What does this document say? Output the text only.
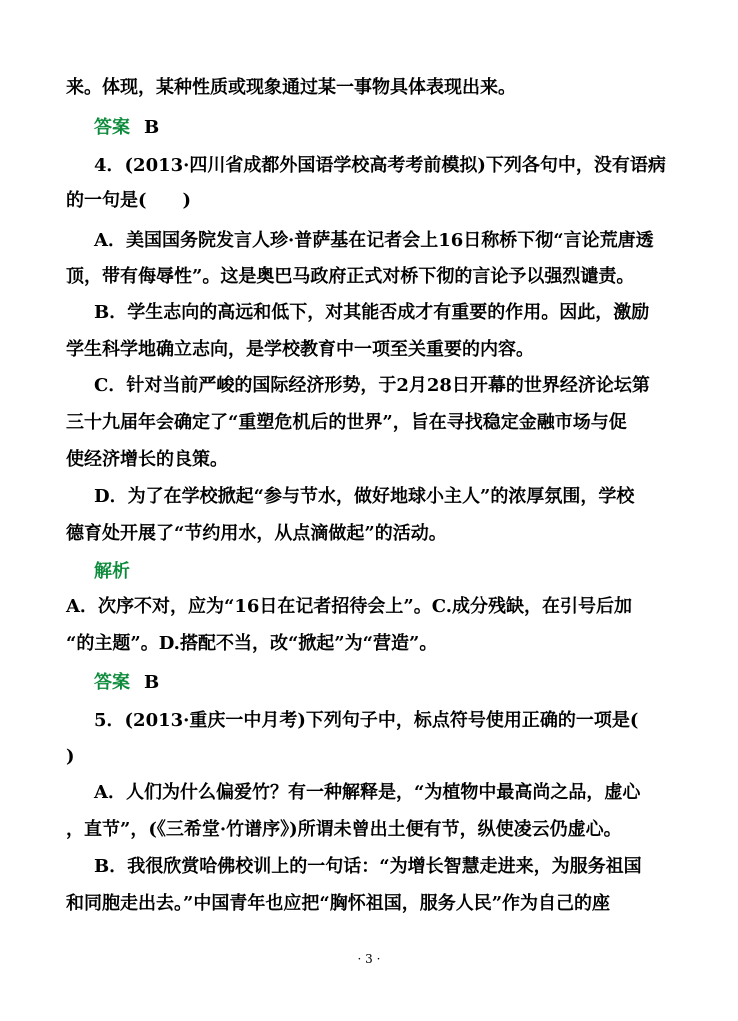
来。体现，某种性质或现象通过某一事物具体表现出来。
答案 B
4．(2013·四川省成都外国语学校高考考前模拟)下列各句中，没有语病
的一句是(　　)
A．美国国务院发言人珍·普萨基在记者会上16日称桥下彻“言论荒唐透
顶，带有侮辱性”。这是奥巴马政府正式对桥下彻的言论予以强烈谴责。
B．学生志向的高远和低下，对其能否成才有重要的作用。因此，激励
学生科学地确立志向，是学校教育中一项至关重要的内容。
C．针对当前严峻的国际经济形势，于2月28日开幕的世界经济论坛第
三十九届年会确定了“重塑危机后的世界”，旨在寻找稳定金融市场与促
使经济增长的良策。
D．为了在学校掀起“参与节水，做好地球小主人”的浓厚氛围，学校
德育处开展了“节约用水，从点滴做起”的活动。
解析
A．次序不对，应为“16日在记者招待会上”。C.成分残缺，在引号后加
“的主题”。D.搭配不当，改“掀起”为“营造”。
答案 B
5．(2013·重庆一中月考)下列句子中，标点符号使用正确的一项是(
)
A．人们为什么偏爱竹？有一种解释是，“为植物中最高尚之品，虚心
，直节”，(《三希堂·竹谱序》)所谓未曾出土便有节，纵使凌云仍虚心。
B．我很欣赏哈佛校训上的一句话：“为增长智慧走进来，为服务祖国
和同胞走出去。”中国青年也应把“胸怀祖国，服务人民”作为自己的座
· 3 ·
